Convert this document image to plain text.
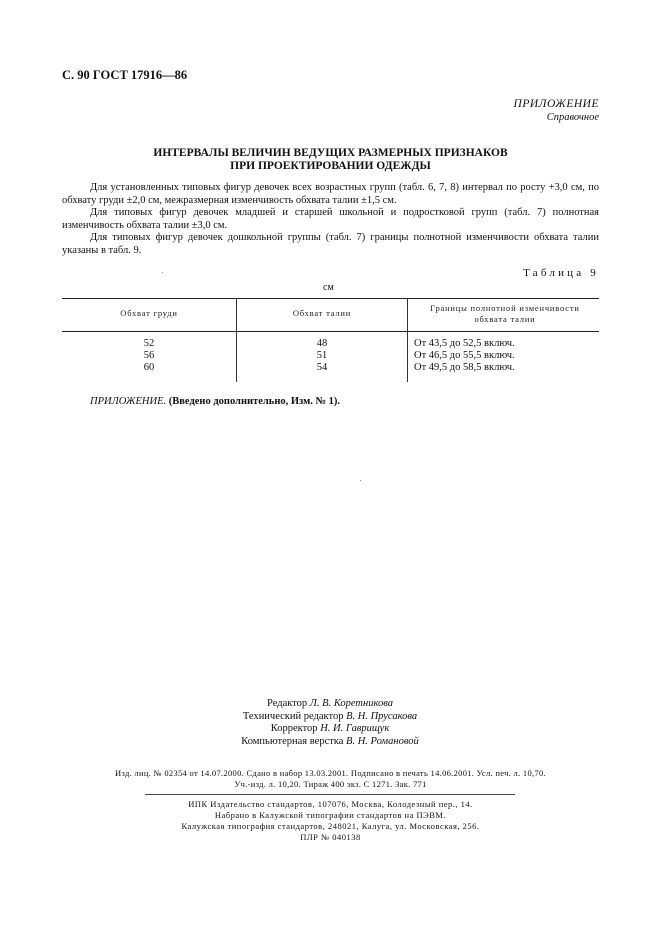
С. 90 ГОСТ 17916—86
ПРИЛОЖЕНИЕ
Справочное
ИНТЕРВАЛЫ ВЕЛИЧИН ВЕДУЩИХ РАЗМЕРНЫХ ПРИЗНАКОВ
ПРИ ПРОЕКТИРОВАНИИ ОДЕЖДЫ
Для установленных типовых фигур девочек всех возрастных групп (табл. 6, 7, 8) интервал по росту +3,0 см, по обхвату груди ±2,0 см, межразмерная изменчивость обхвата талии ±1,5 см.
Для типовых фигур девочек младшей и старшей школьной и подростковой групп (табл. 7) полнотная изменчивость обхвата талии ±3,0 см.
Для типовых фигур девочек дошкольной группы (табл. 7) границы полнотной изменчивости обхвата талии указаны в табл. 9.
Таблица 9
см
Обхват груди	Обхват талии	Границы полнотной изменчивости обхвата талии
52	48	От 43,5 до 52,5 включ.
56	51	От 46,5 до 55,5 включ.
60	54	От 49,5 до 58,5 включ.
ПРИЛОЖЕНИЕ. (Введено дополнительно, Изм. № 1).
Редактор Л. В. Коретникова
Технический редактор В. Н. Прусакова
Корректор Н. И. Гаврищук
Компьютерная верстка В. Н. Романовой
Изд. лиц. № 02354 от 14.07.2000. Сдано в набор 13.03.2001. Подписано в печать 14.06.2001. Усл. печ. л. 10,70.
Уч.-изд. л. 10,20. Тираж 400 экз. С 1271. Зак. 771
ИПК Издательство стандартов, 107076, Москва, Колодезный пер., 14.
Набрано в Калужской типографии стандартов на ПЭВМ.
Калужская типография стандартов, 248021, Калуга, ул. Московская, 256.
ПЛР № 040138
